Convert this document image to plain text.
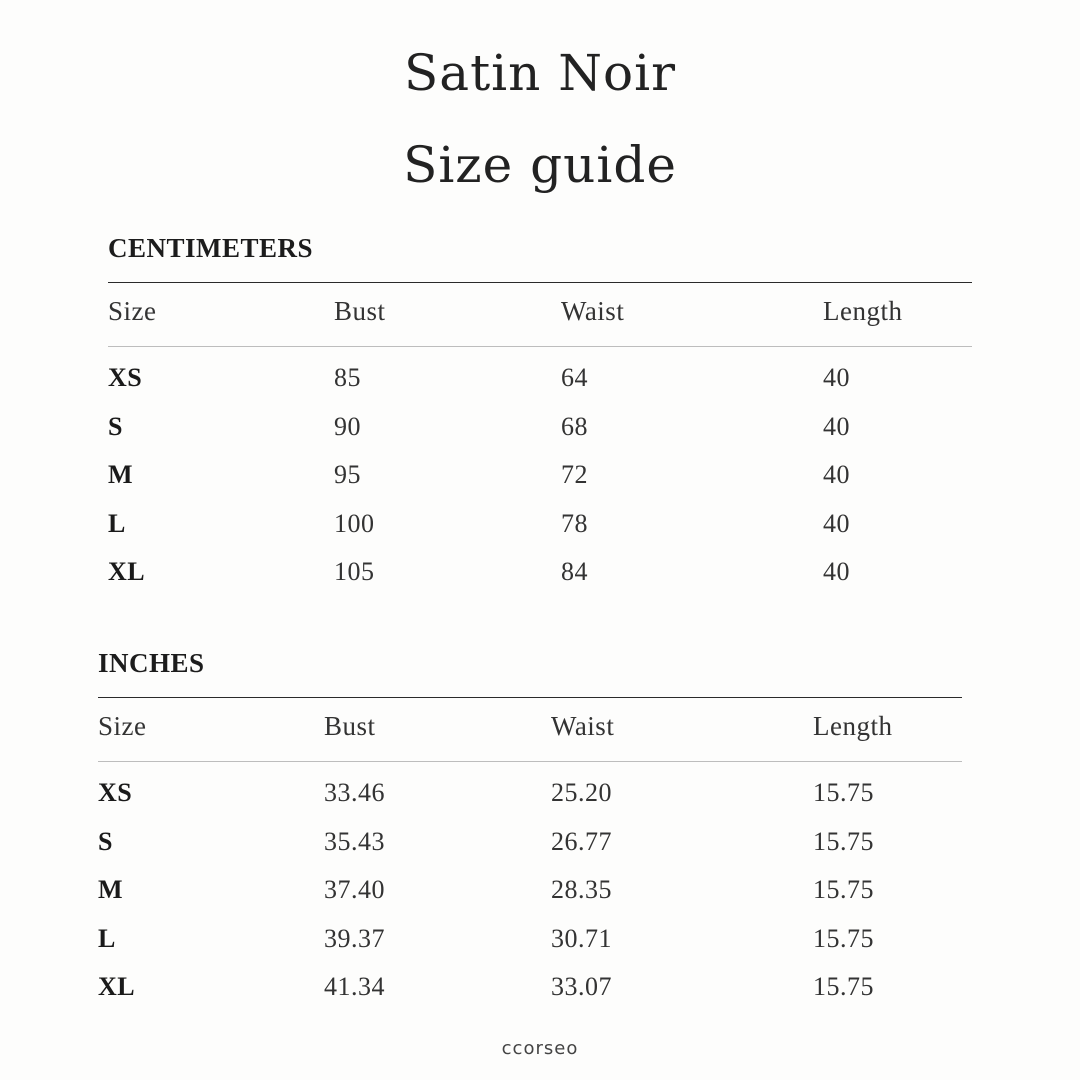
Satin Noir
Size guide
CENTIMETERS
Size	Bust	Waist	Length
XS	85	64	40
S	90	68	40
M	95	72	40
L	100	78	40
XL	105	84	40
INCHES
Size	Bust	Waist	Length
XS	33.46	25.20	15.75
S	35.43	26.77	15.75
M	37.40	28.35	15.75
L	39.37	30.71	15.75
XL	41.34	33.07	15.75
ccorseo
